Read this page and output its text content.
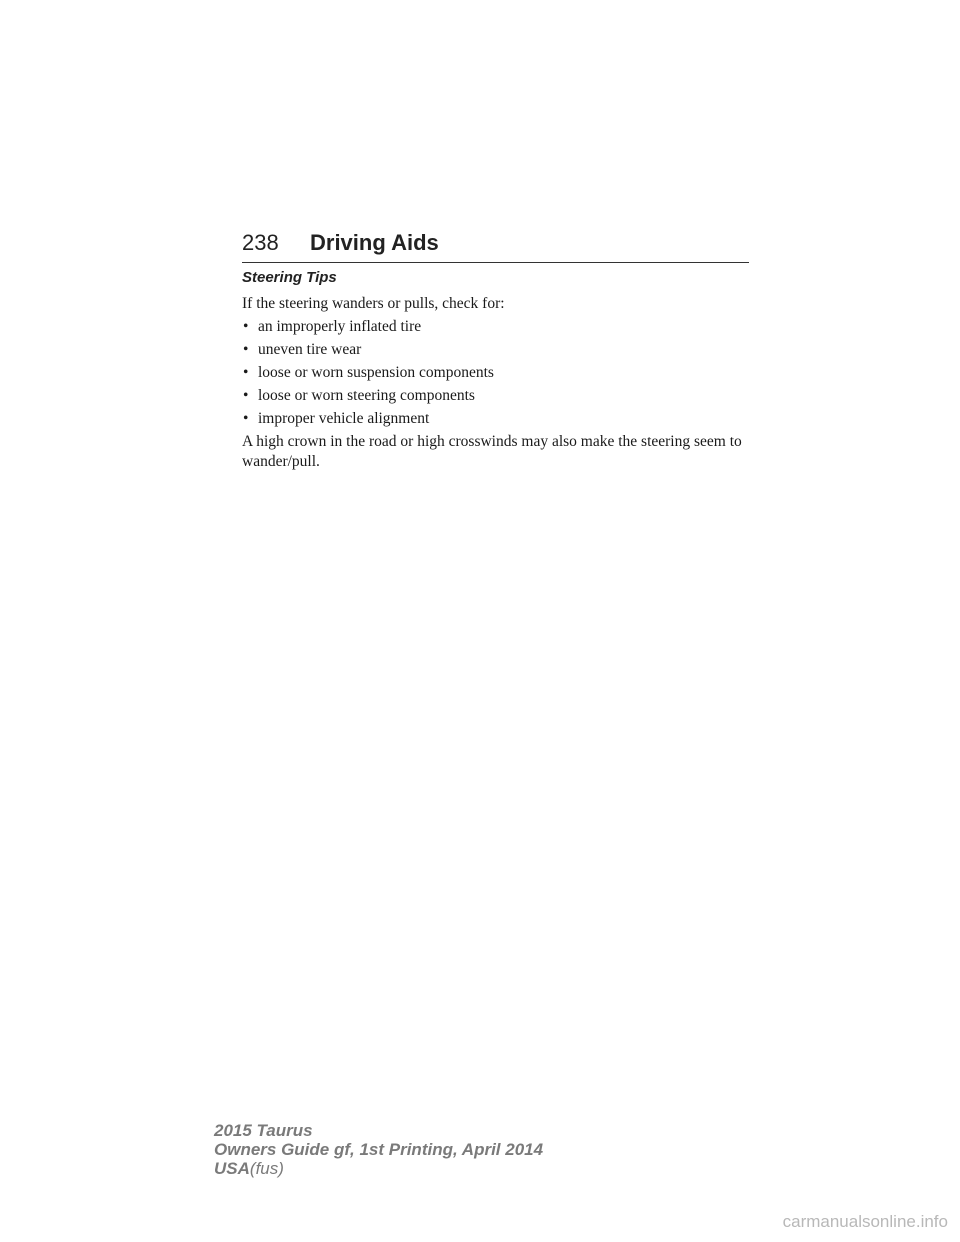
238 Driving Aids
Steering Tips

If the steering wanders or pulls, check for:

• an improperly inflated tire
• uneven tire wear
• loose or worn suspension components
• loose or worn steering components
• improper vehicle alignment

A high crown in the road or high crosswinds may also make the steering seem to wander/pull.

2015 Taurus
Owners Guide gf, 1st Printing, April 2014
USA(fus)
carmanualsonline.info
